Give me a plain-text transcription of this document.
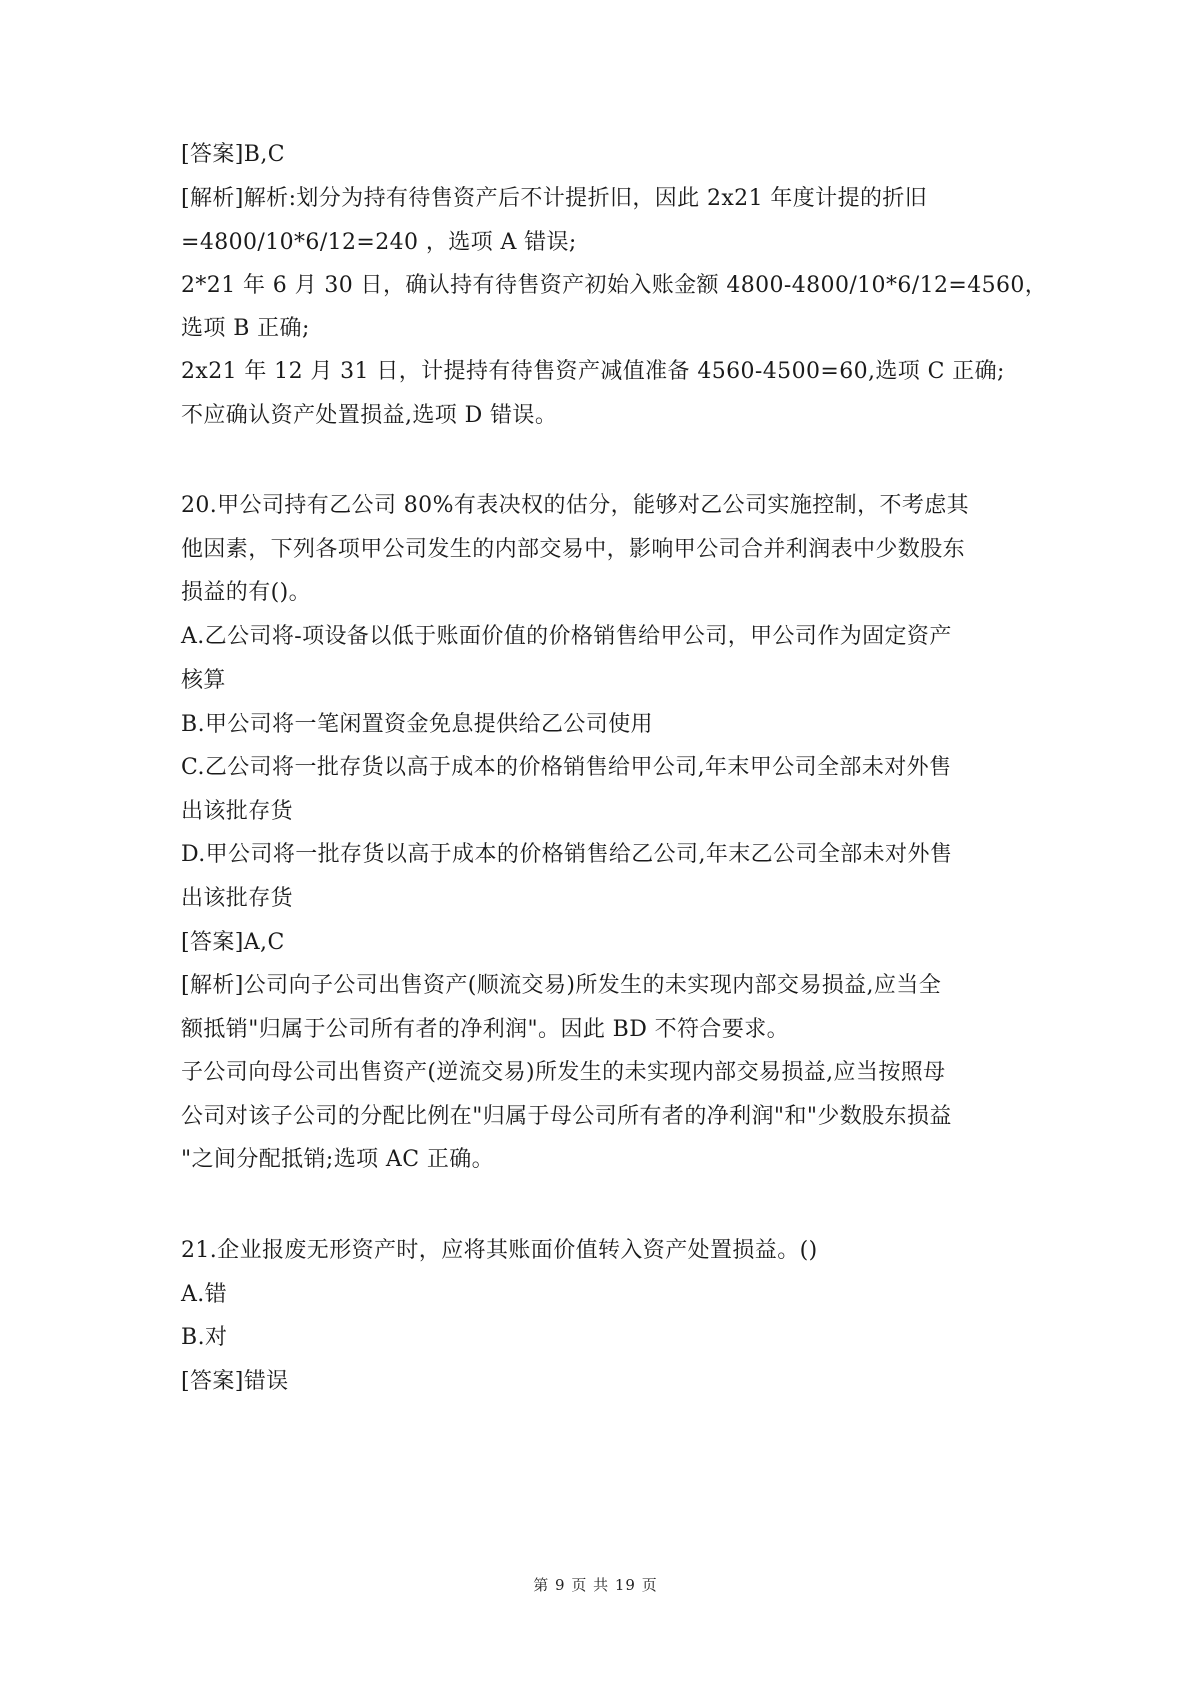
[答案]B,C
[解析]解析:划分为持有待售资产后不计提折旧，因此 2x21 年度计提的折旧
=4800/10*6/12=240 ，选项 A 错误;
2*21 年 6 月 30 日，确认持有待售资产初始入账金额 4800-4800/10*6/12=4560，
选项 B 正确;
2x21 年 12 月 31 日，计提持有待售资产减值准备 4560-4500=60,选项 C 正确;
不应确认资产处置损益,选项 D 错误。
20.甲公司持有乙公司 80%有表决权的估分，能够对乙公司实施控制，不考虑其
他因素，下列各项甲公司发生的内部交易中，影响甲公司合并利润表中少数股东
损益的有()。
A.乙公司将-项设备以低于账面价值的价格销售给甲公司，甲公司作为固定资产
核算
B.甲公司将一笔闲置资金免息提供给乙公司使用
C.乙公司将一批存货以高于成本的价格销售给甲公司,年末甲公司全部未对外售
出该批存货
D.甲公司将一批存货以高于成本的价格销售给乙公司,年末乙公司全部未对外售
出该批存货
[答案]A,C
[解析]公司向子公司出售资产(顺流交易)所发生的未实现内部交易损益,应当全
额抵销"归属于公司所有者的净利润"。因此 BD 不符合要求。
子公司向母公司出售资产(逆流交易)所发生的未实现内部交易损益,应当按照母
公司对该子公司的分配比例在"归属于母公司所有者的净利润"和"少数股东损益
"之间分配抵销;选项 AC 正确。
21.企业报废无形资产时，应将其账面价值转入资产处置损益。()
A.错
B.对
[答案]错误
第 9 页 共 19 页
